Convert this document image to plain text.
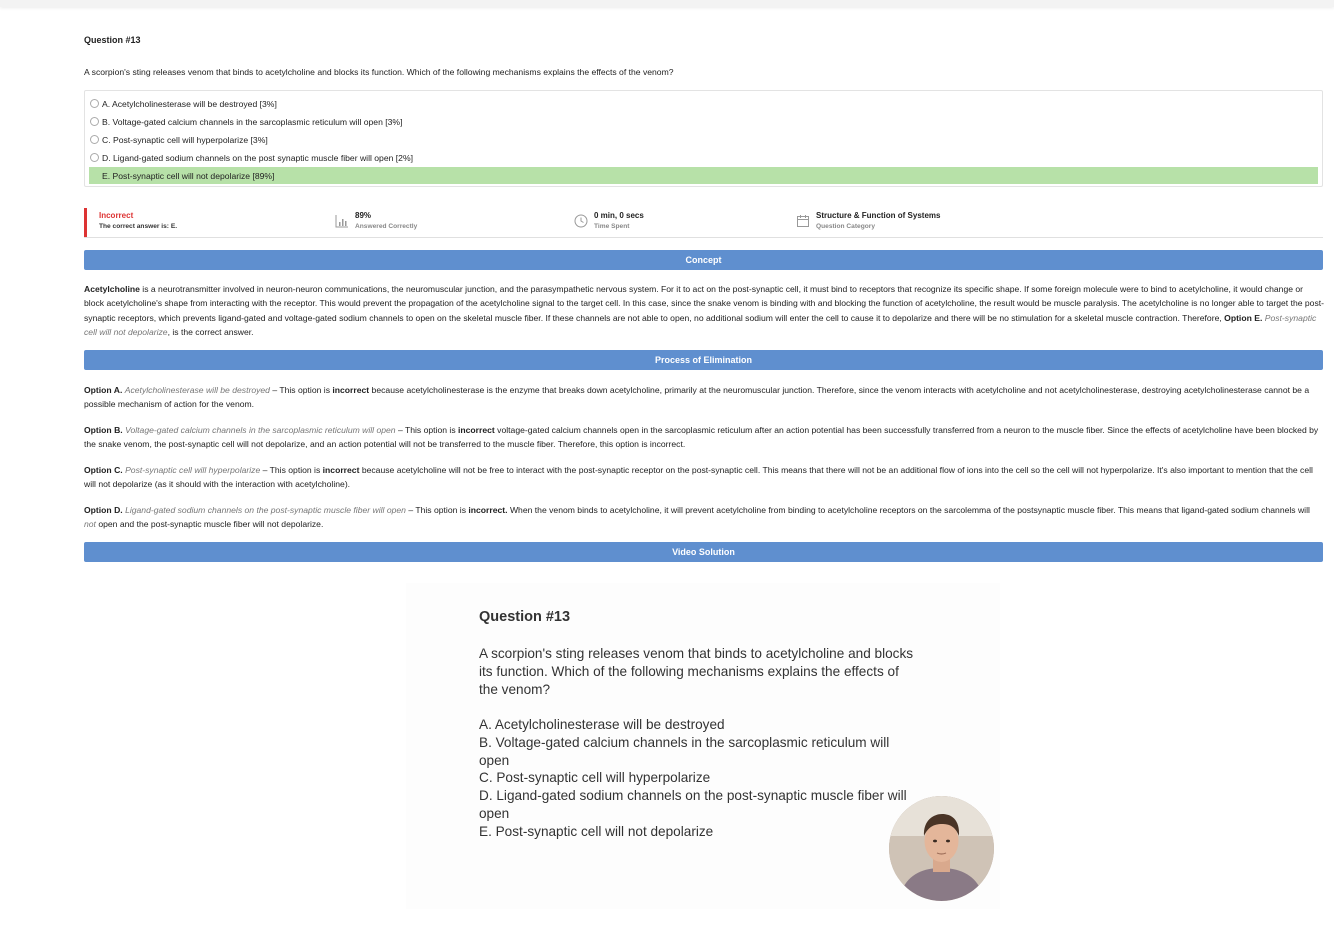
Question #13
A scorpion's sting releases venom that binds to acetylcholine and blocks its function. Which of the following mechanisms explains the effects of the venom?
A. Acetylcholinesterase will be destroyed [3%]
B. Voltage-gated calcium channels in the sarcoplasmic reticulum will open [3%]
C. Post-synaptic cell will hyperpolarize [3%]
D. Ligand-gated sodium channels on the post synaptic muscle fiber will open [2%]
E. Post-synaptic cell will not depolarize [89%]
Incorrect
The correct answer is: E.
89%
Answered Correctly
0 min, 0 secs
Time Spent
Structure & Function of Systems
Question Category
Concept
Acetylcholine is a neurotransmitter involved in neuron-neuron communications, the neuromuscular junction, and the parasympathetic nervous system. For it to act on the post-synaptic cell, it must bind to receptors that recognize its specific shape. If some foreign molecule were to bind to acetylcholine, it would change or block acetylcholine's shape from interacting with the receptor. This would prevent the propagation of the acetylcholine signal to the target cell. In this case, since the snake venom is binding with and blocking the function of acetylcholine, the result would be muscle paralysis. The acetylcholine is no longer able to target the post-synaptic receptors, which prevents ligand-gated and voltage-gated sodium channels to open on the skeletal muscle fiber. If these channels are not able to open, no additional sodium will enter the cell to cause it to depolarize and there will be no stimulation for a skeletal muscle contraction. Therefore, Option E. Post-synaptic cell will not depolarize, is the correct answer.
Process of Elimination
Option A. Acetylcholinesterase will be destroyed – This option is incorrect because acetylcholinesterase is the enzyme that breaks down acetylcholine, primarily at the neuromuscular junction. Therefore, since the venom interacts with acetylcholine and not acetylcholinesterase, destroying acetylcholinesterase cannot be a possible mechanism of action for the venom.
Option B. Voltage-gated calcium channels in the sarcoplasmic reticulum will open – This option is incorrect voltage-gated calcium channels open in the sarcoplasmic reticulum after an action potential has been successfully transferred from a neuron to the muscle fiber. Since the effects of acetylcholine have been blocked by the snake venom, the post-synaptic cell will not depolarize, and an action potential will not be transferred to the muscle fiber. Therefore, this option is incorrect.
Option C. Post-synaptic cell will hyperpolarize – This option is incorrect because acetylcholine will not be free to interact with the post-synaptic receptor on the post-synaptic cell. This means that there will not be an additional flow of ions into the cell so the cell will not hyperpolarize. It's also important to mention that the cell will not depolarize (as it should with the interaction with acetylcholine).
Option D. Ligand-gated sodium channels on the post-synaptic muscle fiber will open – This option is incorrect. When the venom binds to acetylcholine, it will prevent acetylcholine from binding to acetylcholine receptors on the sarcolemma of the postsynaptic muscle fiber. This means that ligand-gated sodium channels will not open and the post-synaptic muscle fiber will not depolarize.
Video Solution
Question #13
A scorpion's sting releases venom that binds to acetylcholine and blocks its function. Which of the following mechanisms explains the effects of the venom?
A. Acetylcholinesterase will be destroyed
B. Voltage-gated calcium channels in the sarcoplasmic reticulum will open
C. Post-synaptic cell will hyperpolarize
D. Ligand-gated sodium channels on the post-synaptic muscle fiber will open
E. Post-synaptic cell will not depolarize
